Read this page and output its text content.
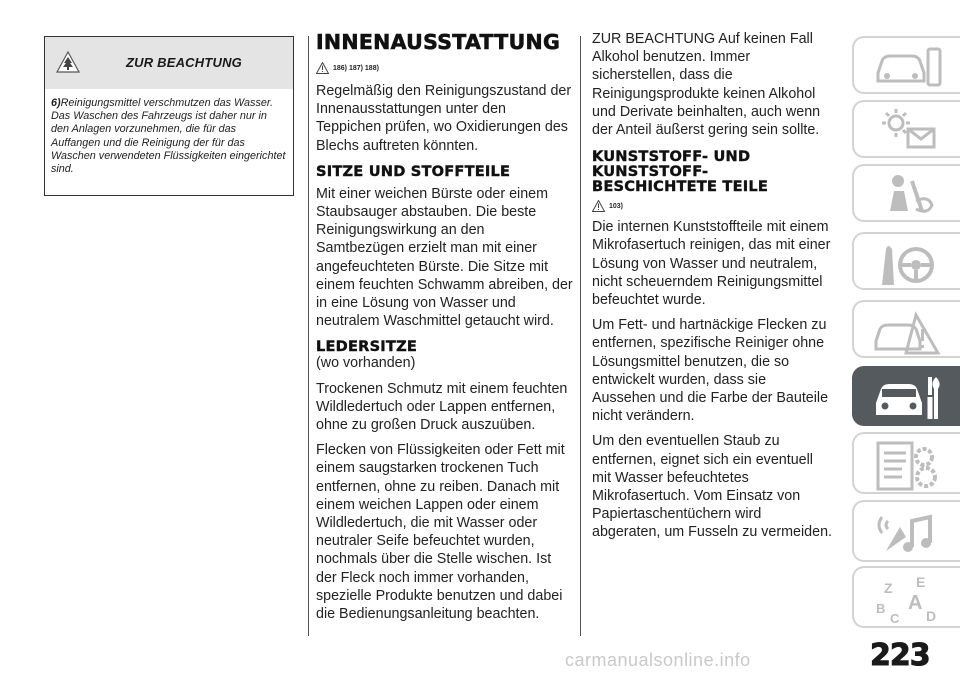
ZUR BEACHTUNG
6)Reinigungsmittel verschmutzen das Wasser. Das Waschen des Fahrzeugs ist daher nur in den Anlagen vorzunehmen, die für das Auffangen und die Reinigung der für das Waschen verwendeten Flüssigkeiten eingerichtet sind.
INNENAUSSTATTUNG
186) 187) 188)

Regelmäßig den Reinigungszustand der Innenausstattungen unter den Teppichen prüfen, wo Oxidierungen des Blechs auftreten könnten.

SITZE UND STOFFTEILE

Mit einer weichen Bürste oder einem Staubsauger abstauben. Die beste Reinigungswirkung an den Samtbezügen erzielt man mit einer angefeuchteten Bürste. Die Sitze mit einem feuchten Schwamm abreiben, der in eine Lösung von Wasser und neutralem Waschmittel getaucht wird.

LEDERSITZE

(wo vorhanden)

Trockenen Schmutz mit einem feuchten Wildledertuch oder Lappen entfernen, ohne zu großen Druck auszuüben.

Flecken von Flüssigkeiten oder Fett mit einem saugstarken trockenen Tuch entfernen, ohne zu reiben. Danach mit einem weichen Lappen oder einem Wildledertuch, die mit Wasser oder neutraler Seife befeuchtet wurden, nochmals über die Stelle wischen. Ist der Fleck noch immer vorhanden, spezielle Produkte benutzen und dabei die Bedienungsanleitung beachten.

ZUR BEACHTUNG Auf keinen Fall Alkohol benutzen. Immer sicherstellen, dass die Reinigungsprodukte keinen Alkohol und Derivate beinhalten, auch wenn der Anteil äußerst gering sein sollte.

KUNSTSTOFF- UND KUNSTSTOFF-BESCHICHTETE TEILE
103)

Die internen Kunststoffteile mit einem Mikrofasertuch reinigen, das mit einer Lösung von Wasser und neutralem, nicht scheuerndem Reinigungsmittel befeuchtet wurde.

Um Fett- und hartnäckige Flecken zu entfernen, spezifische Reiniger ohne Lösungsmittel benutzen, die so entwickelt wurden, dass sie Aussehen und die Farbe der Bauteile nicht verändern.

Um den eventuellen Staub zu entfernen, eignet sich ein eventuell mit Wasser befeuchtetes Mikrofasertuch. Vom Einsatz von Papiertaschentüchern wird abgeraten, um Fusseln zu vermeiden.

Z E
B A
C D
carmanualsonline.info	223
